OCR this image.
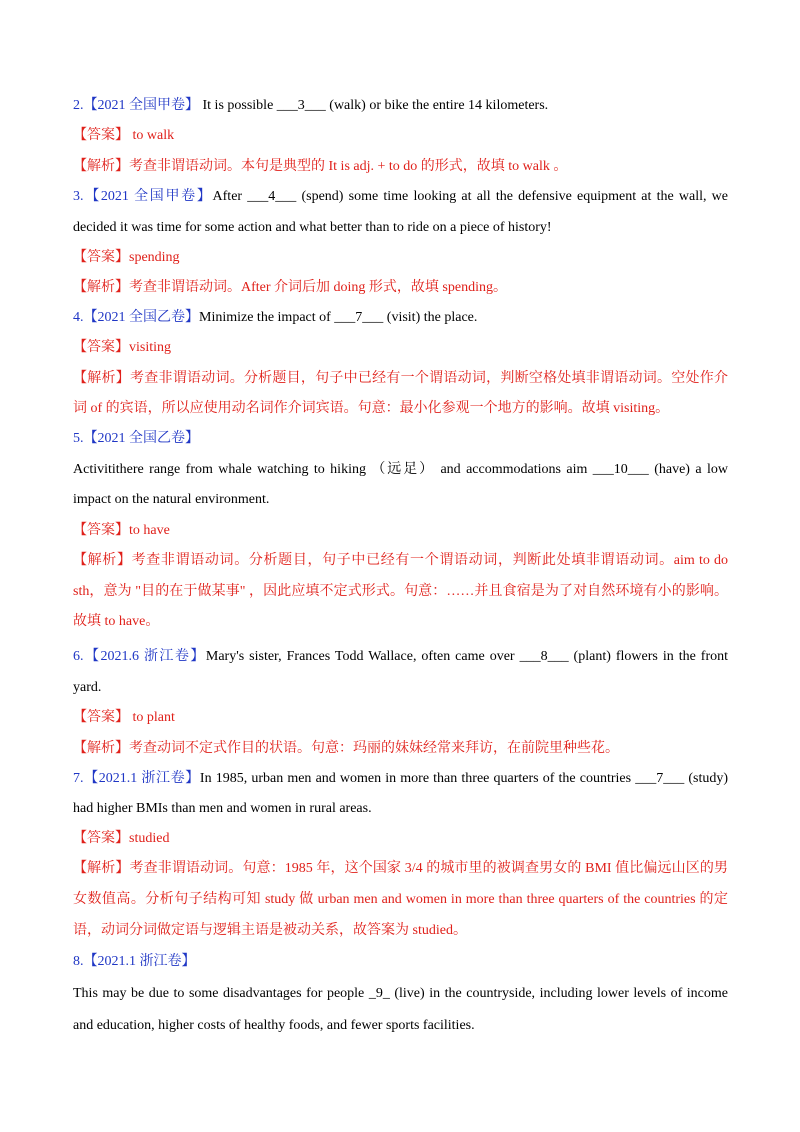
2.【2021 全国甲卷】 It is possible ___3___ (walk) or bike the entire 14 kilometers.
【答案】 to walk
【解析】考查非谓语动词。本句是典型的 It is adj. + to do 的形式，故填 to walk 。
3.【2021 全国甲卷】After ___4___ (spend) some time looking at all the defensive equipment at the wall, we
decided it was time for some action and what better than to ride on a piece of history!
【答案】spending
【解析】考查非谓语动词。After 介词后加 doing 形式，故填 spending。
4.【2021 全国乙卷】Minimize the impact of ___7___ (visit) the place.
【答案】visiting
【解析】考查非谓语动词。分析题目，句子中已经有一个谓语动词，判断空格处填非谓语动词。空处作介
词 of 的宾语，所以应使用动名词作介词宾语。句意：最小化参观一个地方的影响。故填 visiting。
5.【2021 全国乙卷】
Activitithere range from whale watching to hiking （远足） and accommodations aim ___10___ (have) a low
impact on the natural environment.
【答案】to have
【解析】考查非谓语动词。分析题目，句子中已经有一个谓语动词，判断此处填非谓语动词。aim to do
sth，意为 "目的在于做某事" ，因此应填不定式形式。句意：……并且食宿是为了对自然环境有小的影响。
故填 to have。
6.【2021.6 浙江卷】Mary's sister, Frances Todd Wallace, often came over ___8___ (plant) flowers in the front
yard.
【答案】 to plant
【解析】考查动词不定式作目的状语。句意：玛丽的妹妹经常来拜访，在前院里种些花。
7.【2021.1 浙江卷】In 1985, urban men and women in more than three quarters of the countries ___7___ (study)
had higher BMIs than men and women in rural areas.
【答案】studied
【解析】考查非谓语动词。句意：1985 年，这个国家 3/4 的城市里的被调查男女的 BMI 值比偏远山区的男
女数值高。分析句子结构可知 study 做 urban men and women in more than three quarters of the countries 的定
语，动词分词做定语与逻辑主语是被动关系，故答案为 studied。
8.【2021.1 浙江卷】
This may be due to some disadvantages for people _9_ (live) in the countryside, including lower levels of income
and education, higher costs of healthy foods, and fewer sports facilities.
